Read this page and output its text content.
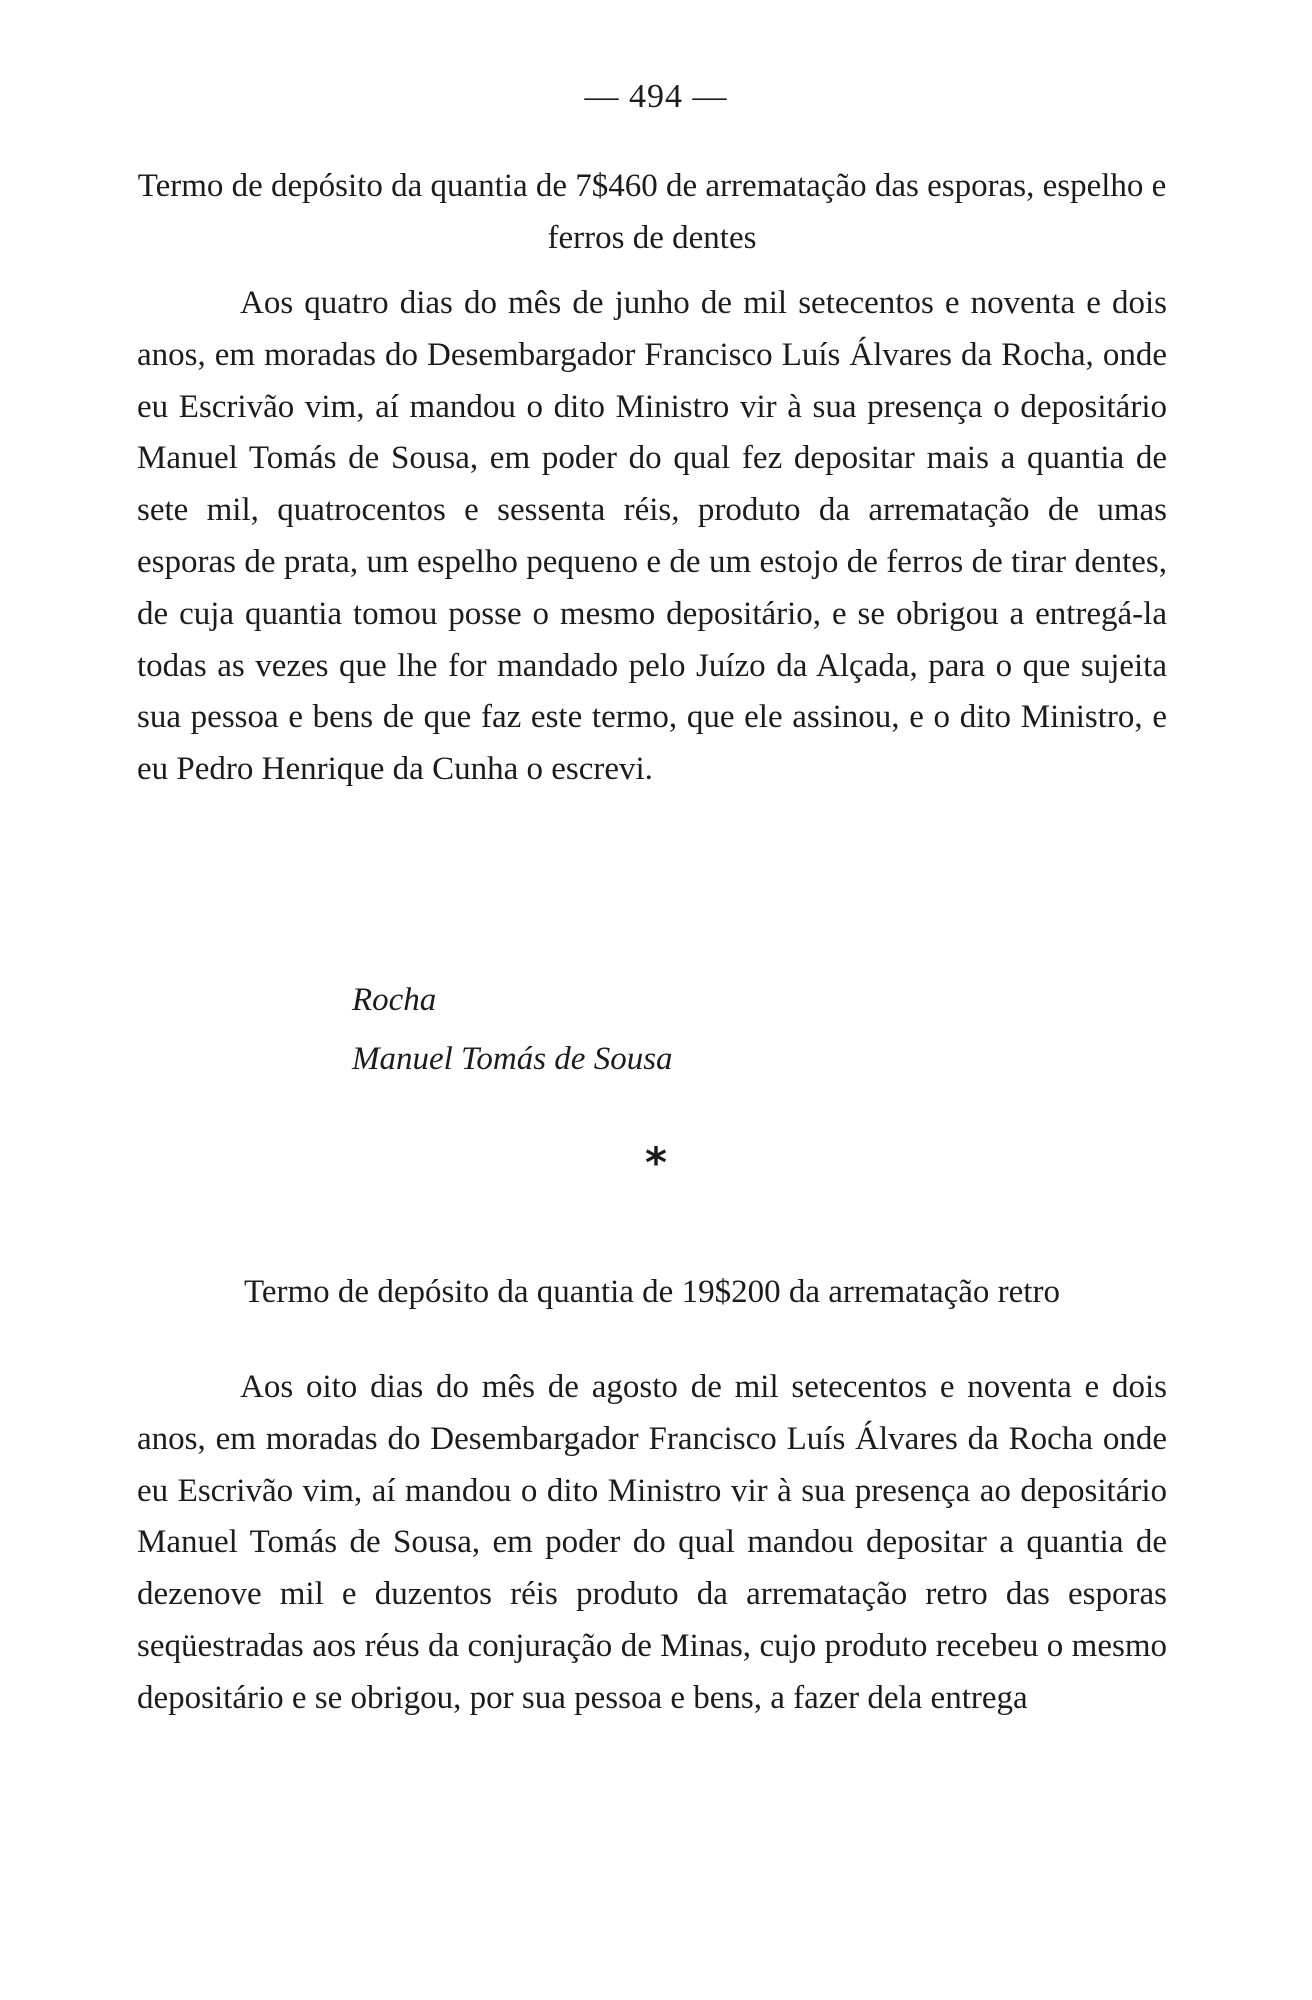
— 494 —
Termo de depósito da quantia de 7$460 de arrematação das esporas, espelho e ferros de dentes
Aos quatro dias do mês de junho de mil setecentos e noventa e dois anos, em moradas do Desembargador Francisco Luís Álvares da Rocha, onde eu Escrivão vim, aí mandou o dito Ministro vir à sua presença o depositário Manuel Tomás de Sousa, em poder do qual fez depositar mais a quantia de sete mil, quatrocentos e sessenta réis, produto da arrematação de umas esporas de prata, um espelho pequeno e de um estojo de ferros de tirar dentes, de cuja quantia tomou posse o mesmo depositário, e se obrigou a entregá-la todas as vezes que lhe for mandado pelo Juízo da Alçada, para o que sujeita sua pessoa e bens de que faz este termo, que ele assinou, e o dito Ministro, e eu Pedro Henrique da Cunha o escrevi.
Rocha
Manuel Tomás de Sousa
*
Termo de depósito da quantia de 19$200 da arrematação retro
Aos oito dias do mês de agosto de mil setecentos e noventa e dois anos, em moradas do Desembargador Francisco Luís Álvares da Rocha onde eu Escrivão vim, aí mandou o dito Ministro vir à sua presença ao depositário Manuel Tomás de Sousa, em poder do qual mandou depositar a quantia de dezenove mil e duzentos réis produto da arrematação retro das esporas seqüestradas aos réus da conjuração de Minas, cujo produto recebeu o mesmo depositário e se obrigou, por sua pessoa e bens, a fazer dela entrega
